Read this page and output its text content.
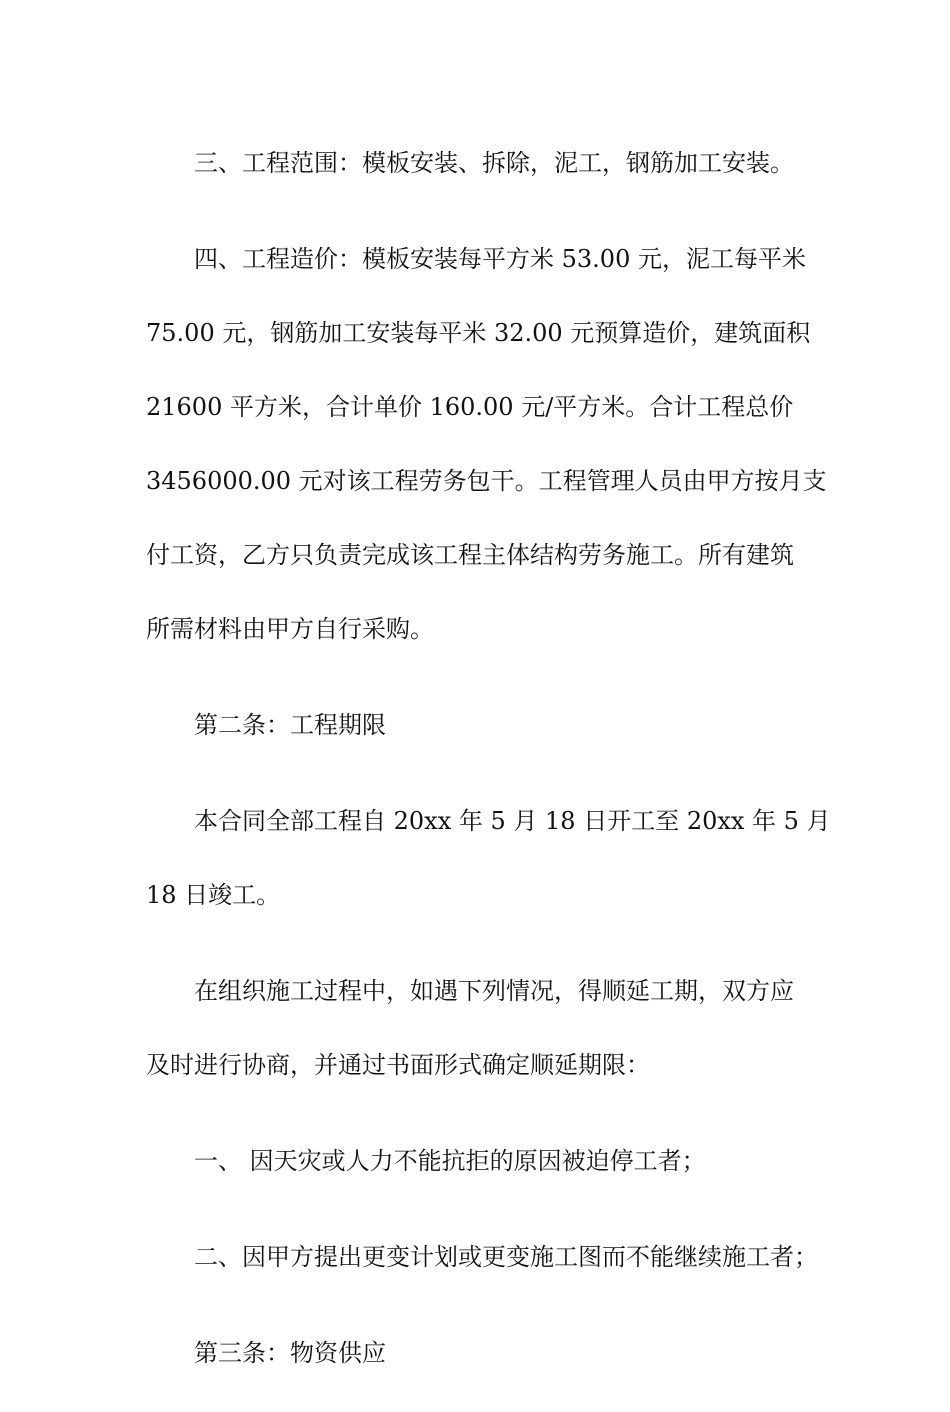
三、工程范围：模板安装、拆除，泥工，钢筋加工安装。

四、工程造价：模板安装每平方米 53.00 元，泥工每平米
75.00 元，钢筋加工安装每平米 32.00 元预算造价，建筑面积
21600 平方米，合计单价 160.00 元/平方米。合计工程总价
3456000.00 元对该工程劳务包干。工程管理人员由甲方按月支
付工资，乙方只负责完成该工程主体结构劳务施工。所有建筑
所需材料由甲方自行采购。

第二条：工程期限

本合同全部工程自 20xx 年 5 月 18 日开工至 20xx 年 5 月
18 日竣工。

在组织施工过程中，如遇下列情况，得顺延工期，双方应
及时进行协商，并通过书面形式确定顺延期限：

一、 因天灾或人力不能抗拒的原因被迫停工者；

二、因甲方提出更变计划或更变施工图而不能继续施工者；

第三条：物资供应
